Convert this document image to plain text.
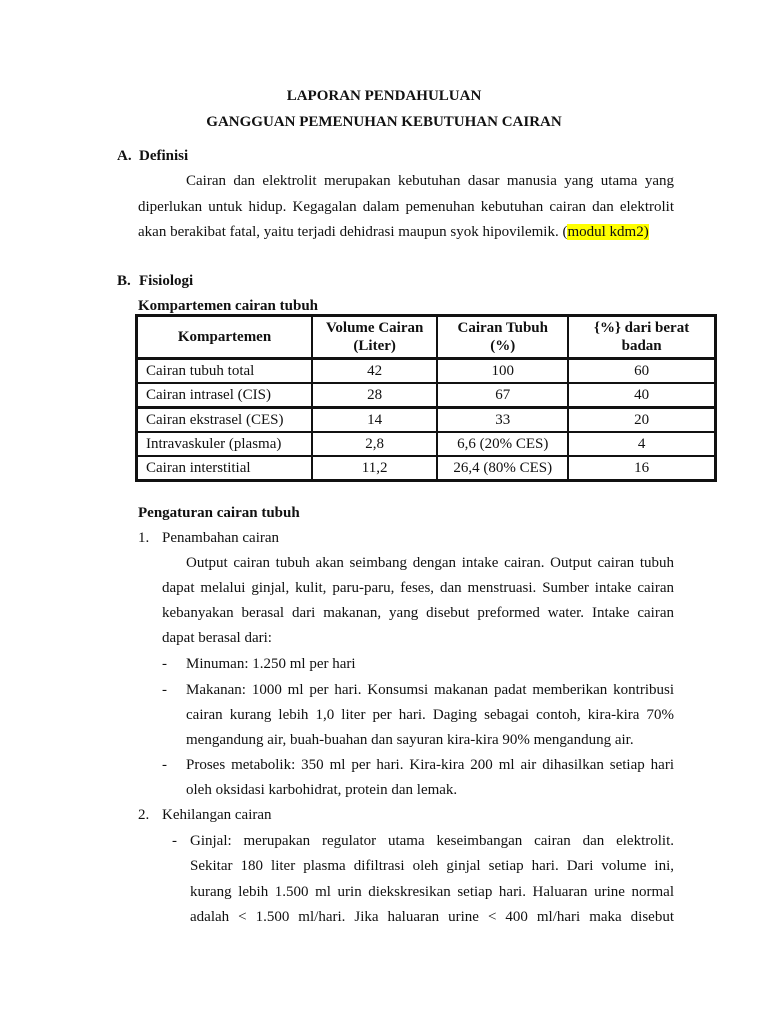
LAPORAN PENDAHULUAN
GANGGUAN PEMENUHAN KEBUTUHAN CAIRAN
A. Definisi
Cairan dan elektrolit merupakan kebutuhan dasar manusia yang utama yang
diperlukan untuk hidup. Kegagalan dalam pemenuhan kebutuhan cairan dan elektrolit
akan berakibat fatal, yaitu terjadi dehidrasi maupun syok hipovilemik. (modul kdm2)
B. Fisiologi
Kompartemen cairan tubuh
Kompartemen	Volume Cairan (Liter)	Cairan Tubuh (%)	{%} dari berat badan
Cairan tubuh total	42	100	60
Cairan intrasel (CIS)	28	67	40
Cairan ekstrasel (CES)	14	33	20
Intravaskuler (plasma)	2,8	6,6 (20% CES)	4
Cairan interstitial	11,2	26,4 (80% CES)	16
Pengaturan cairan tubuh
1. Penambahan cairan
Output cairan tubuh akan seimbang dengan intake cairan. Output cairan tubuh
dapat melalui ginjal, kulit, paru-paru, feses, dan menstruasi. Sumber intake cairan
kebanyakan berasal dari makanan, yang disebut preformed water. Intake cairan
dapat berasal dari:
- Minuman: 1.250 ml per hari
- Makanan: 1000 ml per hari. Konsumsi makanan padat memberikan kontribusi
cairan kurang lebih 1,0 liter per hari. Daging sebagai contoh, kira-kira 70%
mengandung air, buah-buahan dan sayuran kira-kira 90% mengandung air.
- Proses metabolik: 350 ml per hari. Kira-kira 200 ml air dihasilkan setiap hari
oleh oksidasi karbohidrat, protein dan lemak.
2. Kehilangan cairan
- Ginjal: merupakan regulator utama keseimbangan cairan dan elektrolit.
Sekitar 180 liter plasma difiltrasi oleh ginjal setiap hari. Dari volume ini,
kurang lebih 1.500 ml urin diekskresikan setiap hari. Haluaran urine normal
adalah < 1.500 ml/hari. Jika haluaran urine < 400 ml/hari maka disebut
